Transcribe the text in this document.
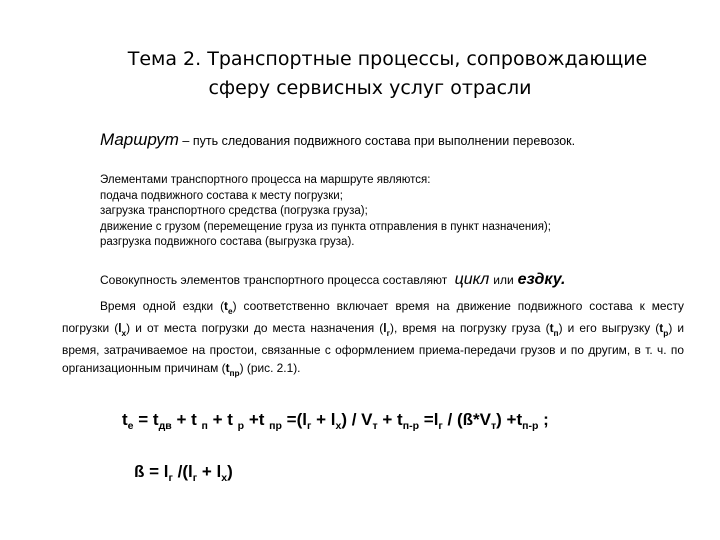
Тема 2. Транспортные процессы, сопровождающие
сферу сервисных услуг отрасли
Маршрут – путь следования подвижного состава при выполнении перевозок.
Элементами транспортного процесса на маршруте являются:
подача подвижного состава к месту погрузки;
загрузка транспортного средства (погрузка груза);
движение с грузом (перемещение груза из пункта отправления в пункт назначения);
разгрузка подвижного состава (выгрузка груза).
Совокупность элементов транспортного процесса составляют цикл или ездку.
Время одной ездки $(t_е)$ соответственно включает время на движение подвижного состава к месту погрузки $(l_х)$ и от места погрузки до места назначения $(l_г)$, время на погрузку груза $(t_п)$ и его выгрузку $(t_р)$ и время, затрачиваемое на простои, связанные с оформлением приема-передачи грузов и по другим, в т. ч. по организационным причинам $(t_{пр})$ (рис. 2.1).
$t_е = t_{дв} + t$ $_п$ + t $_р$ +t $_{пр} =(l_г + l_х) / V_т + t_{п-р} =l_г$ / $(ß*V_т) +t_{п-р}$ ;
ß = $l_г$ $/(l_г + l_х)$
